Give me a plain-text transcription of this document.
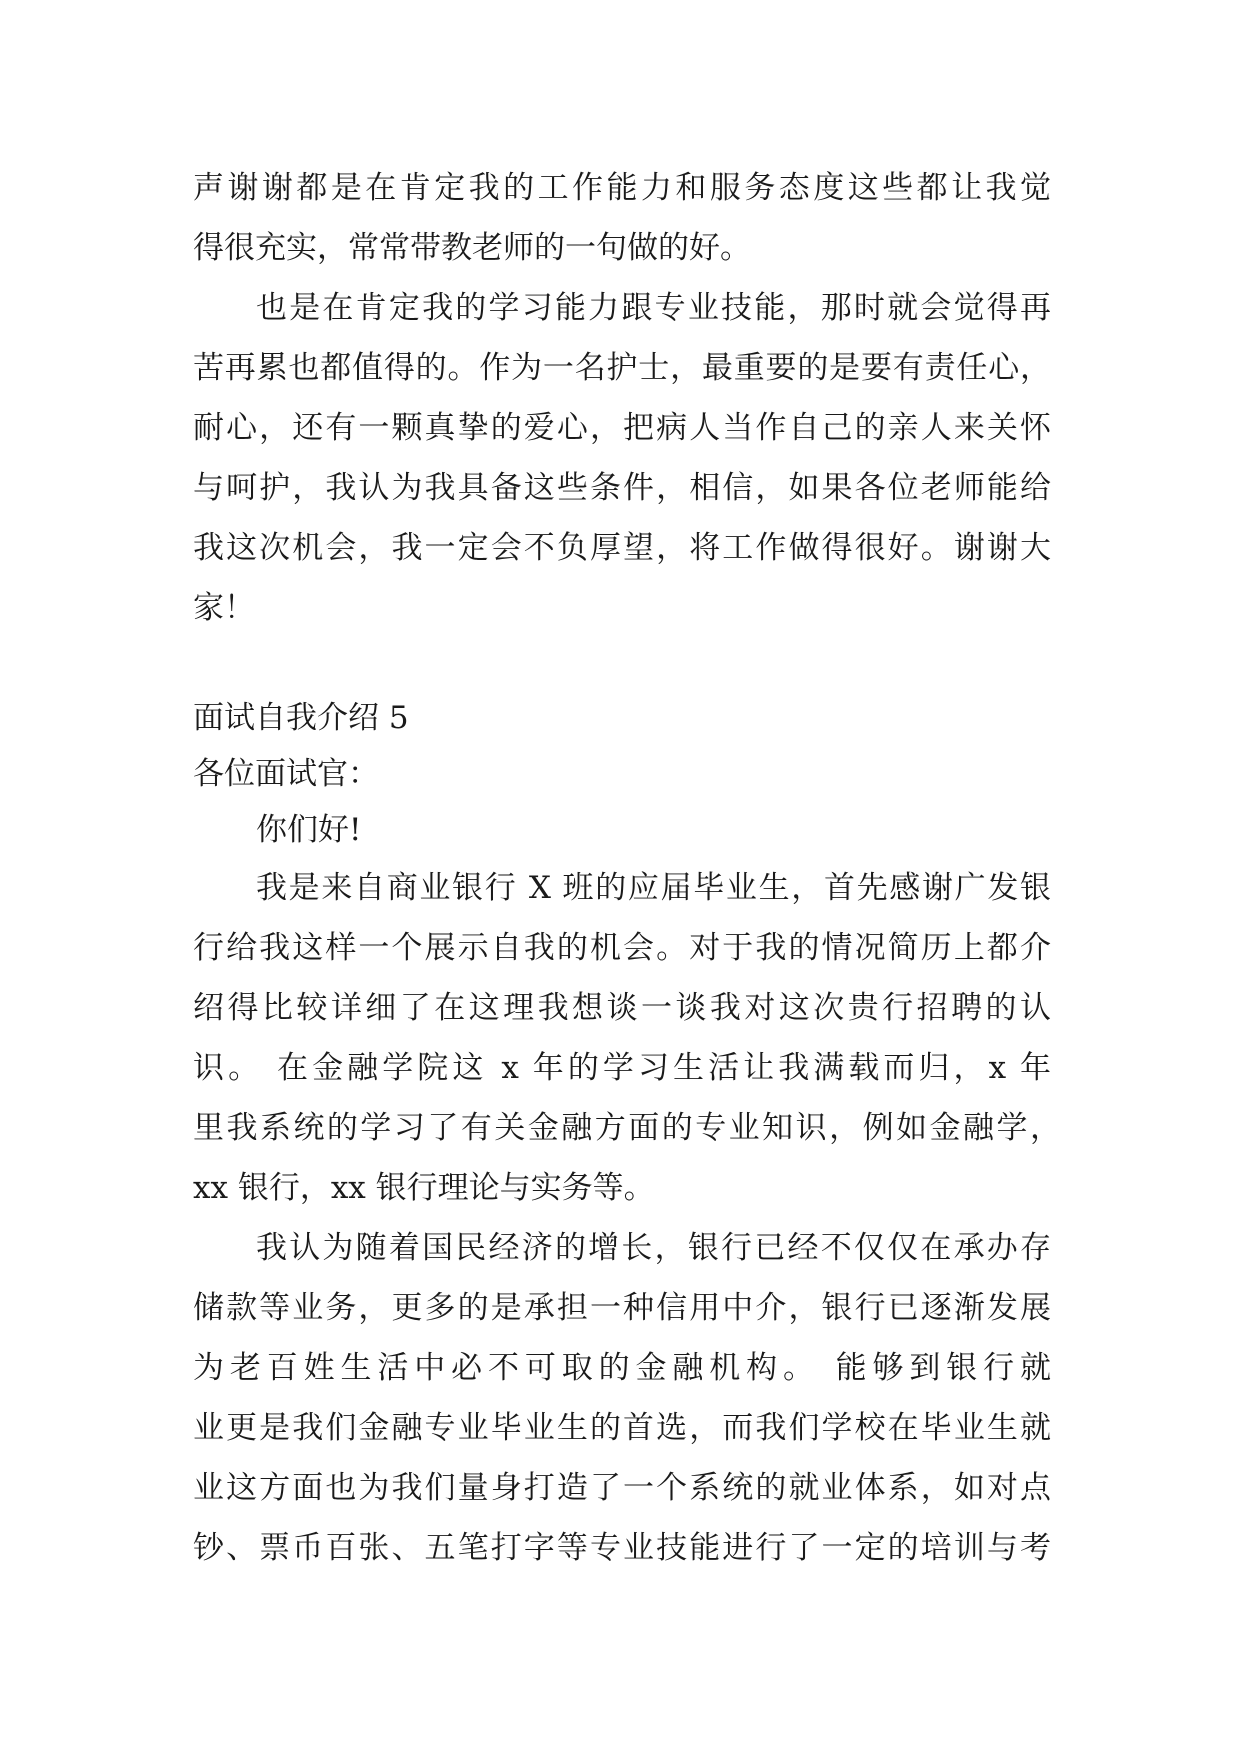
声谢谢都是在肯定我的工作能力和服务态度这些都让我觉
得很充实，常常带教老师的一句做的好。
也是在肯定我的学习能力跟专业技能，那时就会觉得再
苦再累也都值得的。作为一名护士，最重要的是要有责任心，
耐心，还有一颗真挚的爱心，把病人当作自己的亲人来关怀
与呵护，我认为我具备这些条件，相信，如果各位老师能给
我这次机会，我一定会不负厚望，将工作做得很好。谢谢大
家！
面试自我介绍 5
各位面试官：
你们好!
我是来自商业银行 X 班的应届毕业生，首先感谢广发银
行给我这样一个展示自我的机会。对于我的情况简历上都介
绍得比较详细了在这理我想谈一谈我对这次贵行招聘的认
识。 在金融学院这 x 年的学习生活让我满载而归，x 年
里我系统的学习了有关金融方面的专业知识，例如金融学，
xx 银行，xx 银行理论与实务等。
我认为随着国民经济的增长，银行已经不仅仅在承办存
储款等业务，更多的是承担一种信用中介，银行已逐渐发展
为老百姓生活中必不可取的金融机构。 能够到银行就
业更是我们金融专业毕业生的首选，而我们学校在毕业生就
业这方面也为我们量身打造了一个系统的就业体系，如对点
钞、票币百张、五笔打字等专业技能进行了一定的培训与考
